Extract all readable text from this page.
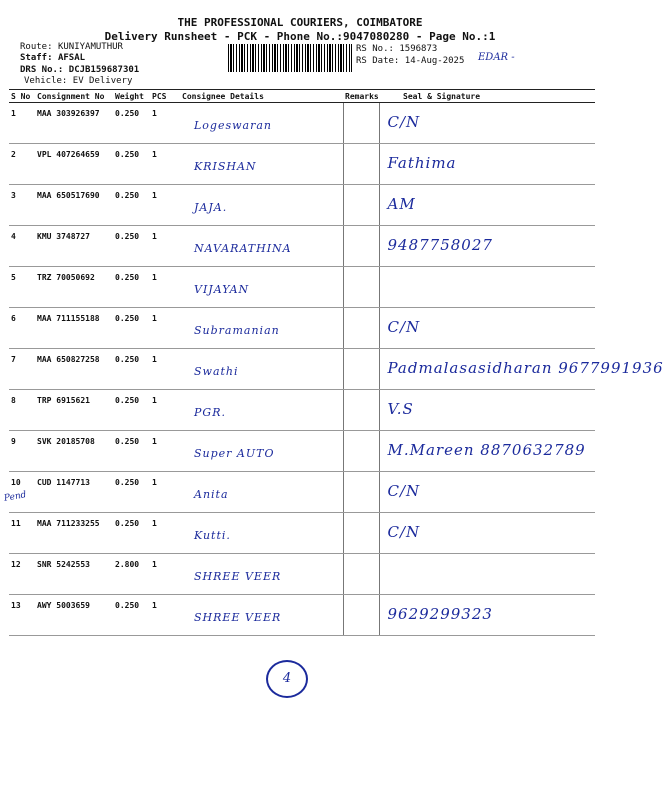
THE PROFESSIONAL COURIERS, COIMBATORE
Delivery Runsheet - PCK - Phone No.:9047080280 - Page No.:1
Route: KUNIYAMUTHUR
Staff: AFSAL
DRS No.: DCJB159687301
Vehicle: EV Delivery
RS No.: 1596873
RS Date: 14-Aug-2025 EDAR -
S No	Consignment No	Weight	PCS	Consignee Details	Remarks	Seal & Signature
1	MAA 303926397	0.250	1	Logeswaran		C/N

2	VPL 407264659	0.250	1	KRISHAN		Fathima

3	MAA 650517690	0.250	1	JAJA.		AM

4	KMU 3748727	0.250	1	NAVARATHINA		9487758027

5	TRZ 70050692	0.250	1	VIJAYAN		

6	MAA 711155188	0.250	1	Subramanian		C/N

7	MAA 650827258	0.250	1	Swathi		Padmalasasidharan 9677991936

8	TRP 6915621	0.250	1	PGR.		V.S

9	SVK 20185708	0.250	1	Super AUTO		M.Mareen 8870632789

10	CUD 1147713	0.250	1	Anita		C/N

11	MAA 711233255	0.250	1	Kutti.		C/N

12	SNR 5242553	2.800	1	SHREE VEER		

13	AWY 5003659	0.250	1	SHREE VEER		9629299323
Pend
4
